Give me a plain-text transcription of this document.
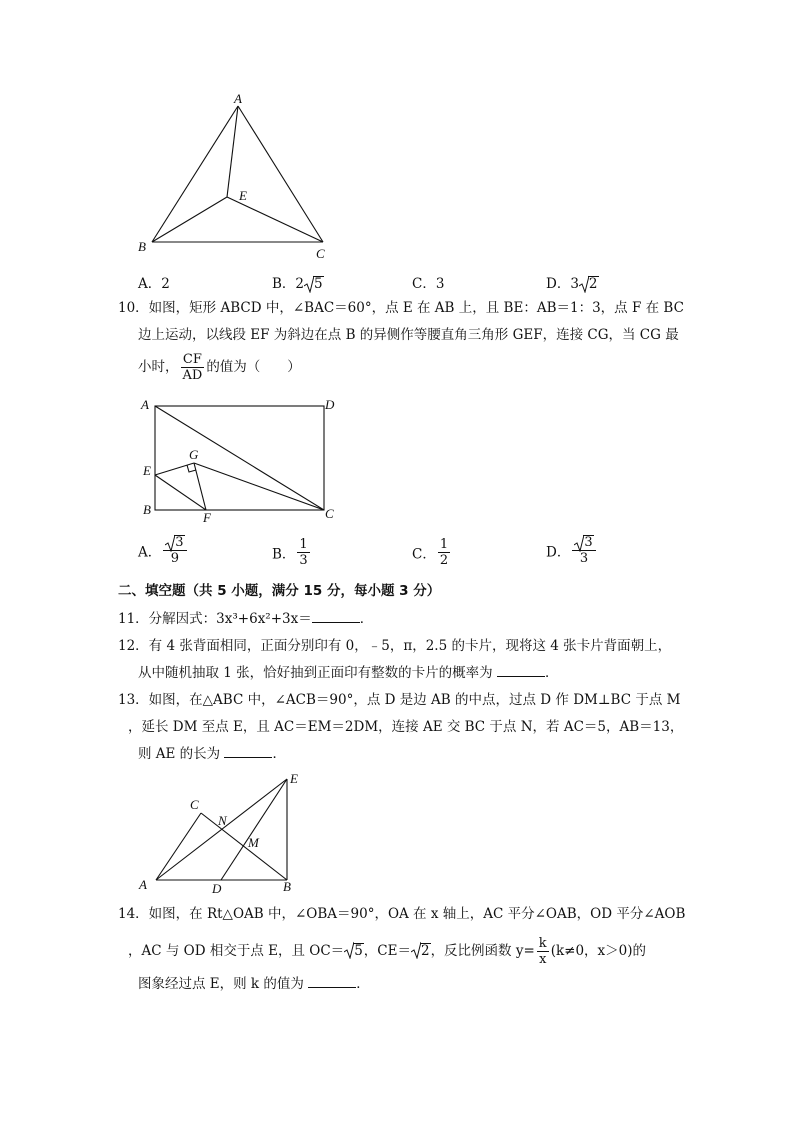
A
B	C
E
A．2	B．2 5	C．3	D．3 2
10．如图，矩形 ABCD 中，∠BAC＝60°，点 E 在 AB 上，且 BE：AB＝1：3，点 F 在 BC
边上运动，以线段 EF 为斜边在点 B 的异侧作等腰直角三角形 GEF，连接 CG，当 CG 最
小时， $\frac{CF}{AD}$ 的值为（　　）
A	D
G
E
B
F	C
A． $\frac{3}{9}$	B． $\frac{1}{3}$	C． $\frac{1}{2}$	D． $\frac{3}{3}$
二、填空题（共 5 小题，满分 15 分，每小题 3 分）
11．分解因式：3x³+6x²+3x＝	．
12．有 4 张背面相同，正面分别印有 0，﹣5，π，2.5 的卡片，现将这 4 张卡片背面朝上，
从中随机抽取 1 张，恰好抽到正面印有整数的卡片的概率为	．
13．如图，在△ABC 中，∠ACB＝90°，点 D 是边 AB 的中点，过点 D 作 DM⊥BC 于点 M
，延长 DM 至点 E，且 AC＝EM＝2DM，连接 AE 交 BC 于点 N，若 AC＝5，AB＝13，
则 AE 的长为	．
E
C
N
M
A	D	B
14．如图，在 Rt△OAB 中，∠OBA＝90°，OA 在 x 轴上，AC 平分∠OAB，OD 平分∠AOB
，AC 与 OD 相交于点 E，且 OC＝ 5，CE＝ 2，反比例函数 $y= \frac{k}{x} (k\ne 0$，x＞0)的
图象经过点 E，则 k 的值为	．
